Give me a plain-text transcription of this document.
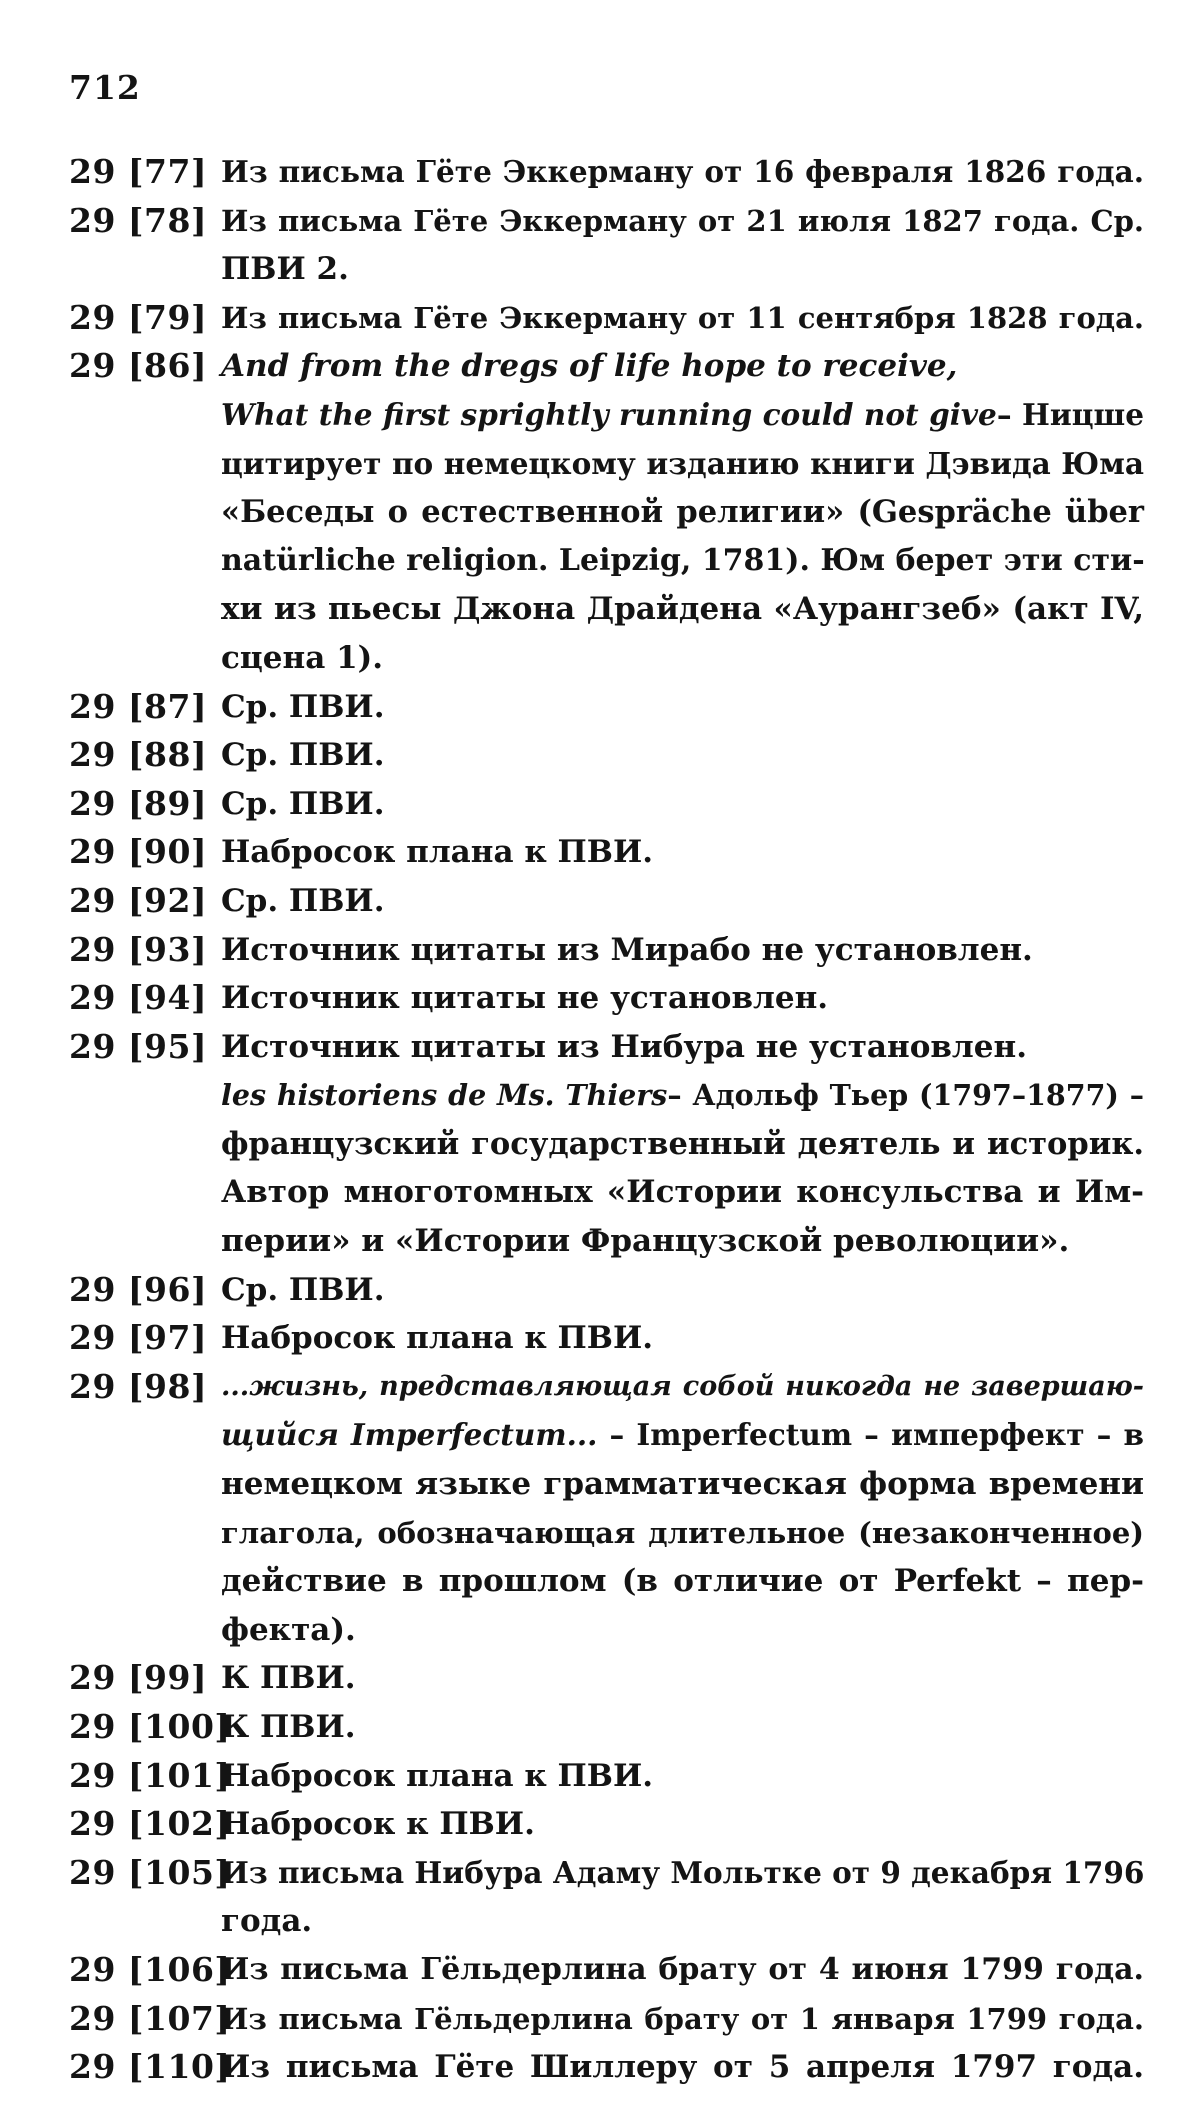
712
29 [77] Из письма Гёте Эккерману от 16 февраля 1826 года.
29 [78] Из письма Гёте Эккерману от 21 июля 1827 года. Ср.
ПВИ 2.
29 [79] Из письма Гёте Эккерману от 11 сентября 1828 года.
29 [86] And from the dregs of life hope to receive,
What the first sprightly running could not give– Ницше
цитирует по немецкому изданию книги Дэвида Юма
«Беседы о естественной религии» (Gespräche über
natürliche religion. Leipzig, 1781). Юм берет эти сти-
хи из пьесы Джона Драйдена «Аурангзеб» (акт IV,
сцена 1).
29 [87] Ср. ПВИ.
29 [88] Ср. ПВИ.
29 [89] Ср. ПВИ.
29 [90] Набросок плана к ПВИ.
29 [92] Ср. ПВИ.
29 [93] Источник цитаты из Мирабо не установлен.
29 [94] Источник цитаты не установлен.
29 [95] Источник цитаты из Нибура не установлен.
les historiens de Ms. Thiers– Адольф Тьер (1797–1877) –
французский государственный деятель и историк.
Автор многотомных «Истории консульства и Им-
перии» и «Истории Французской революции».
29 [96] Ср. ПВИ.
29 [97] Набросок плана к ПВИ.
29 [98] ...жизнь, представляющая собой никогда не завершаю-
щийся Imperfectum... – Imperfectum – имперфект – в
немецком языке грамматическая форма времени
глагола, обозначающая длительное (незаконченное)
действие в прошлом (в отличие от Perfekt – пер-
фекта).
29 [99] К ПВИ.
29 [100]
К ПВИ.
29 [101]
Набросок плана к ПВИ.
29 [102]
Набросок к ПВИ.
29 [105]
Из письма Нибура Адаму Мольтке от 9 декабря 1796
года.
29 [106]
Из письма Гёльдерлина брату от 4 июня 1799 года.
29 [107]
Из письма Гёльдерлина брату от 1 января 1799 года.
29 [110]
Из письма Гёте Шиллеру от 5 апреля 1797 года.
